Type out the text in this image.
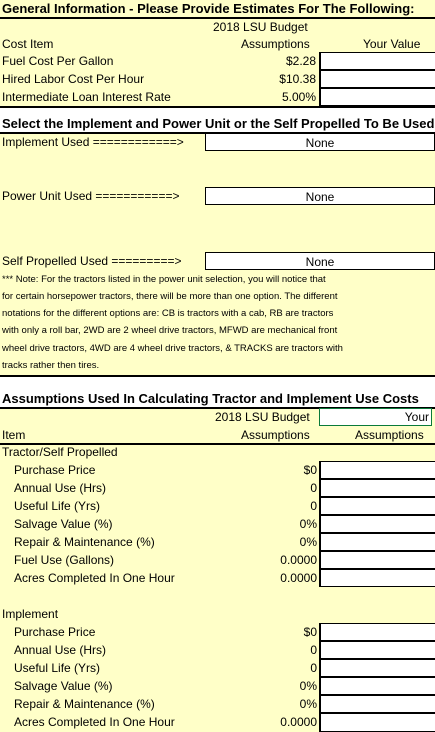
General Information - Please Provide Estimates For The Following:
2018 LSU Budget
Cost Item	Assumptions	Your Value
Fuel Cost Per Gallon	$2.28
Hired Labor Cost Per Hour	$10.38
Intermediate Loan Interest Rate	5.00%
Select the Implement and Power Unit or the Self Propelled To Be Used
Implement Used ============>	None
Power Unit Used ===========>	None
Self Propelled Used =========>	None
*** Note: For the tractors listed in the power unit selection, you will notice that
for certain horsepower tractors, there will be more than one option. The different
notations for the different options are: CB is tractors with a cab, RB are tractors
with only a roll bar, 2WD are 2 wheel drive tractors, MFWD are mechanical front
wheel drive tractors, 4WD are 4 wheel drive tractors, & TRACKS are tractors with
tracks rather then tires.
Assumptions Used In Calculating Tractor and Implement Use Costs
2018 LSU Budget	Your
Item	Assumptions	Assumptions
Tractor/Self Propelled
Purchase Price	$0
Annual Use (Hrs)	0
Useful Life (Yrs)	0
Salvage Value (%)	0%
Repair & Maintenance (%)	0%
Fuel Use (Gallons)	0.0000
Acres Completed In One Hour	0.0000
Implement
Purchase Price	$0
Annual Use (Hrs)	0
Useful Life (Yrs)	0
Salvage Value (%)	0%
Repair & Maintenance (%)	0%
Acres Completed In One Hour	0.0000
